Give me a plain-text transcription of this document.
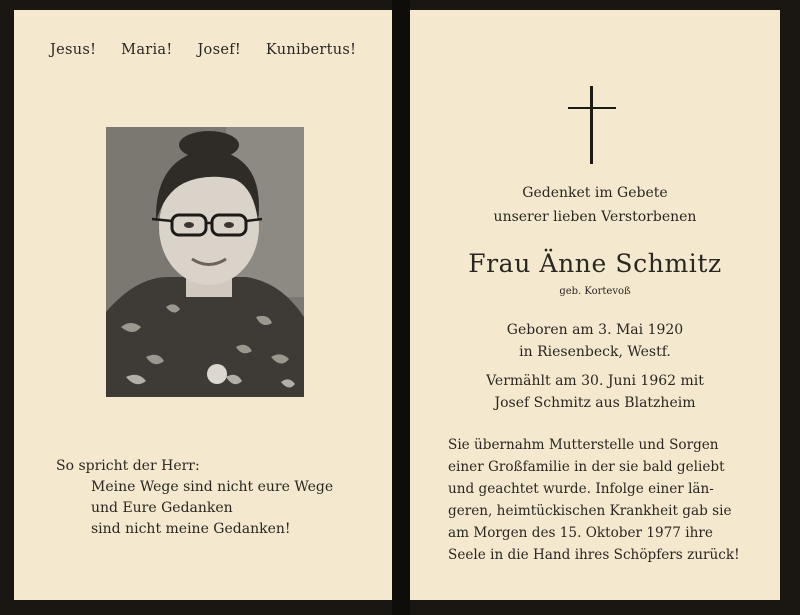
Jesus! Maria! Josef! Kunibertus!
So spricht der Herr:
Meine Wege sind nicht eure Wege
und Eure Gedanken
sind nicht meine Gedanken!
Gedenket im Gebete
unserer lieben Verstorbenen
Frau Änne Schmitz
geb. Kortevoß
Geboren am 3. Mai 1920
in Riesenbeck, Westf.
Vermählt am 30. Juni 1962 mit
Josef Schmitz aus Blatzheim
Sie übernahm Mutterstelle und Sorgen
einer Großfamilie in der sie bald geliebt
und geachtet wurde. Infolge einer län-
geren, heimtückischen Krankheit gab sie
am Morgen des 15. Oktober 1977 ihre
Seele in die Hand ihres Schöpfers zurück!
